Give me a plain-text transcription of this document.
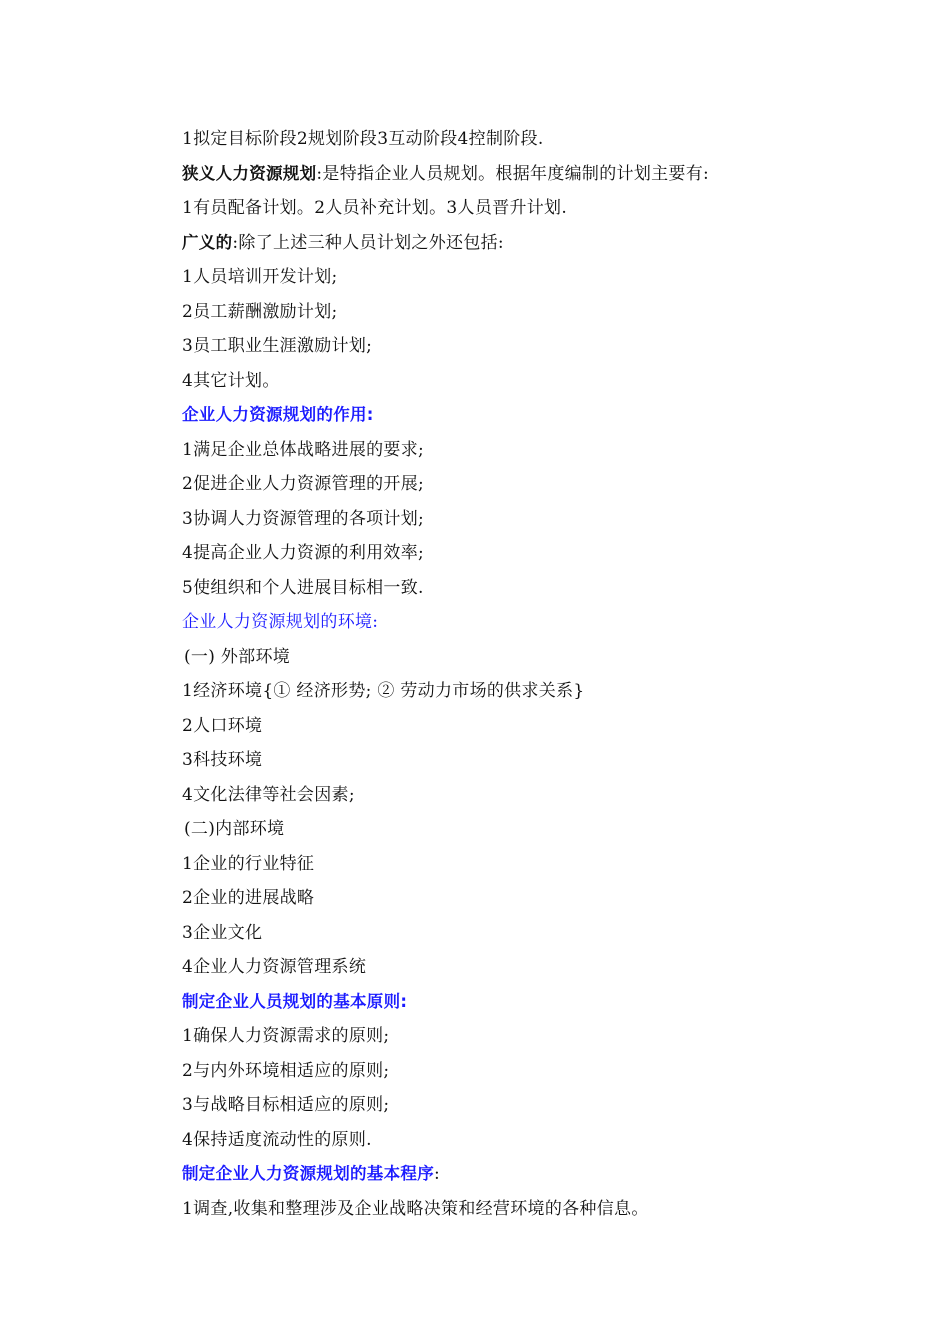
1拟定目标阶段2规划阶段3互动阶段4控制阶段.
狭义人力资源规划:是特指企业人员规划。根据年度编制的计划主要有:
1有员配备计划。2人员补充计划。3人员晋升计划.
广义的:除了上述三种人员计划之外还包括:
1人员培训开发计划;
2员工薪酬激励计划;
3员工职业生涯激励计划;
4其它计划。
企业人力资源规划的作用:
1满足企业总体战略进展的要求;
2促进企业人力资源管理的开展;
3协调人力资源管理的各项计划;
4提高企业人力资源的利用效率;
5使组织和个人进展目标相一致.
企业人力资源规划的环境:
(一) 外部环境
1经济环境{① 经济形势; ② 劳动力市场的供求关系}
2人口环境
3科技环境
4文化法律等社会因素;
(二)内部环境
1企业的行业特征
2企业的进展战略
3企业文化
4企业人力资源管理系统
制定企业人员规划的基本原则:
1确保人力资源需求的原则;
2与内外环境相适应的原则;
3与战略目标相适应的原则;
4保持适度流动性的原则.
制定企业人力资源规划的基本程序:
1调查,收集和整理涉及企业战略决策和经营环境的各种信息。
